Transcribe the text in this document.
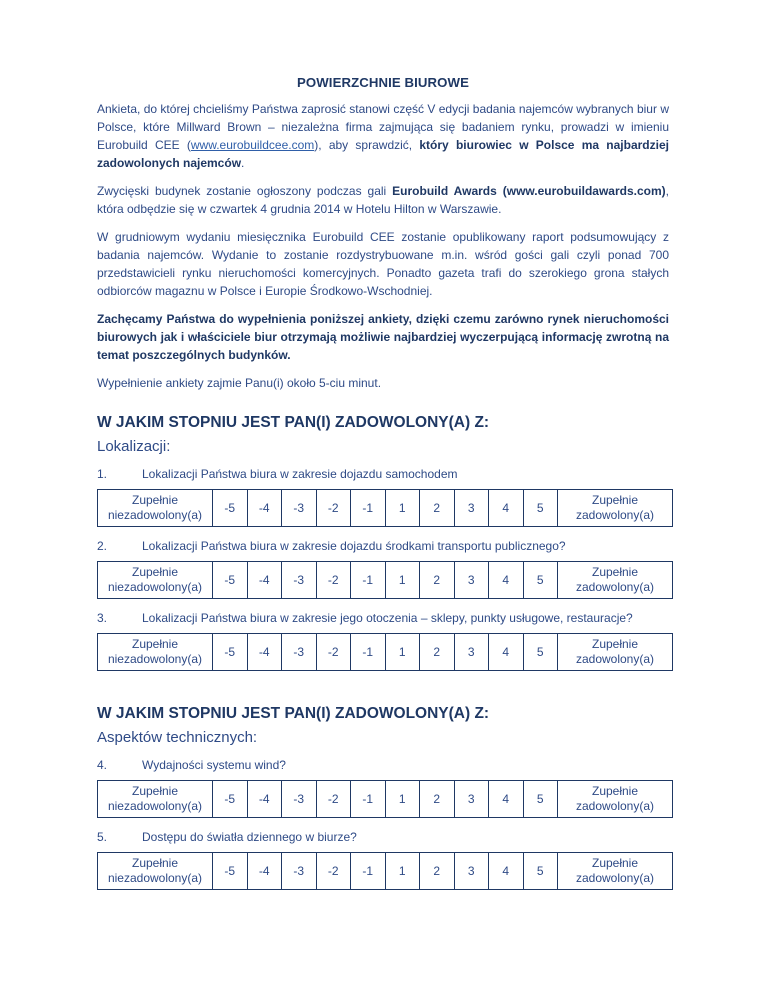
POWIERZCHNIE BIUROWE

Ankieta, do której chcieliśmy Państwa zaprosić stanowi część V edycji badania najemców wybranych biur w Polsce, które Millward Brown – niezależna firma zajmująca się badaniem rynku, prowadzi w imieniu Eurobuild CEE (www.eurobuildcee.com), aby sprawdzić, który biurowiec w Polsce ma najbardziej zadowolonych najemców.

Zwycięski budynek zostanie ogłoszony podczas gali Eurobuild Awards (www.eurobuildawards.com), która odbędzie się w czwartek 4 grudnia 2014 w Hotelu Hilton w Warszawie.

W grudniowym wydaniu miesięcznika Eurobuild CEE zostanie opublikowany raport podsumowujący z badania najemców. Wydanie to zostanie rozdystrybuowane m.in. wśród gości gali czyli ponad 700 przedstawicieli rynku nieruchomości komercyjnych. Ponadto gazeta trafi do szerokiego grona stałych odbiorców magaznu w Polsce i Europie Środkowo-Wschodniej.

Zachęcamy Państwa do wypełnienia poniższej ankiety, dzięki czemu zarówno rynek nieruchomości biurowych jak i właściciele biur otrzymają możliwie najbardziej wyczerpującą informację zwrotną na temat poszczególnych budynków.

Wypełnienie ankiety zajmie Panu(i) około 5-ciu minut.

W JAKIM STOPNIU JEST PAN(I) ZADOWOLONY(A) Z:
Lokalizacji:
1.	Lokalizacji Państwa biura w zakresie dojazdu samochodem
Zupełnie niezadowolony(a)	-5	-4	-3	-2	-1	1	2	3	4	5	Zupełnie zadowolony(a)
2.	Lokalizacji Państwa biura w zakresie dojazdu środkami transportu publicznego?
Zupełnie niezadowolony(a)	-5	-4	-3	-2	-1	1	2	3	4	5	Zupełnie zadowolony(a)
3.	Lokalizacji Państwa biura w zakresie jego otoczenia – sklepy, punkty usługowe, restauracje?
Zupełnie niezadowolony(a)	-5	-4	-3	-2	-1	1	2	3	4	5	Zupełnie zadowolony(a)
W JAKIM STOPNIU JEST PAN(I) ZADOWOLONY(A) Z:
Aspektów technicznych:
4.	Wydajności systemu wind?
Zupełnie niezadowolony(a)	-5	-4	-3	-2	-1	1	2	3	4	5	Zupełnie zadowolony(a)
5.	Dostępu do światła dziennego w biurze?
Zupełnie niezadowolony(a)	-5	-4	-3	-2	-1	1	2	3	4	5	Zupełnie zadowolony(a)
